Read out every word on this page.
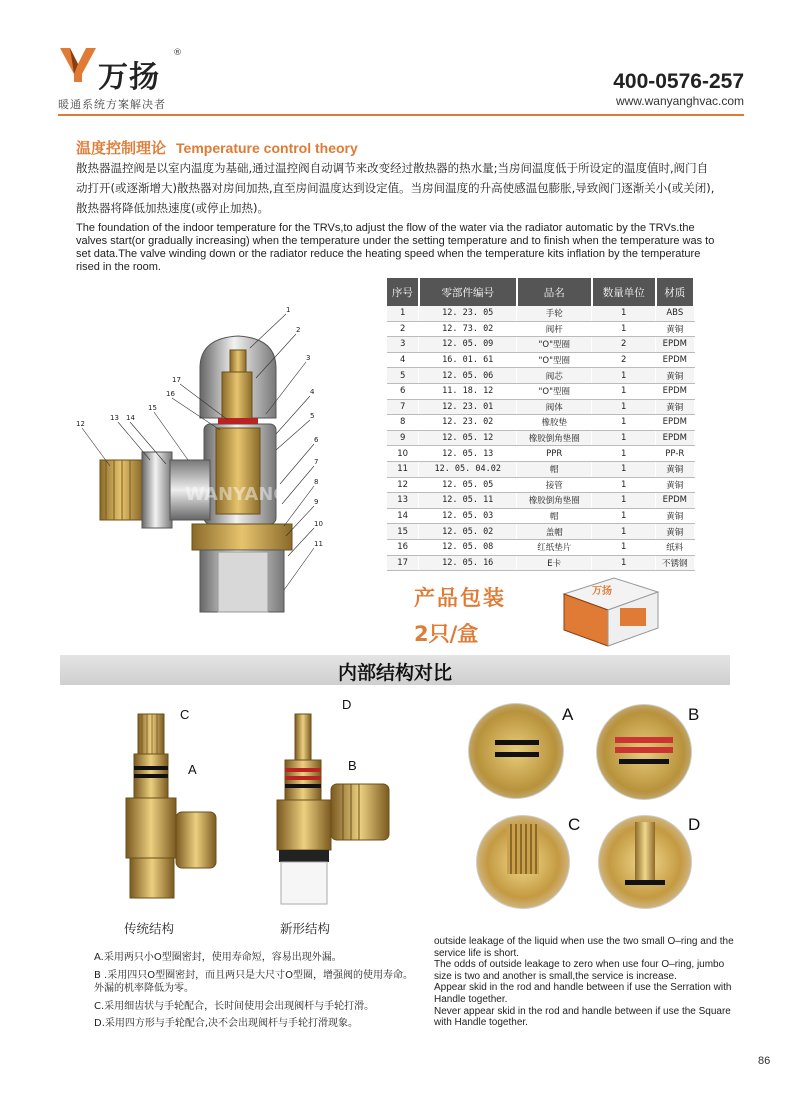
万扬
®
暖通系统方案解决者
400-0576-257
www.wanyanghvac.com
温度控制理论 Temperature control theory
散热器温控阀是以室内温度为基础,通过温控阀自动调节来改变经过散热器的热水量;当房间温度低于所设定的温度值时,阀门自动打开(或逐渐增大)散热器对房间加热,直至房间温度达到设定值。当房间温度的升高使感温包膨胀,导致阀门逐渐关小(或关闭),散热器将降低加热速度(或停止加热)。
The foundation of the indoor temperature for the TRVs,to adjust the flow of the water via the radiator automatic by the TRVs.the valves start(or gradually increasing) when the temperature under the setting temperature and to finish when the temperature was to set data.The valve winding down or the radiator reduce the heating speed when the temperature kits inflation by the temperature rised in the room.
WANYANG
1
2
3
4
5
6
7
8
9
10
11
12
13 14
15
16
17
序号	零部件编号	品名	数量单位	材质
1	12. 23. 05	手轮	1	ABS
2	12. 73. 02	阀杆	1	黄铜
3	12. 05. 09	"O"型圈	2	EPDM
4	16. 01. 61	"O"型圈	2	EPDM
5	12. 05. 06	阀芯	1	黄铜
6	11. 18. 12	"O"型圈	1	EPDM
7	12. 23. 01	阀体	1	黄铜
8	12. 23. 02	橡胶垫	1	EPDM
9	12. 05. 12	橡胶倒角垫圈	1	EPDM
10	12. 05. 13	PPR	1	PP-R
11	12. 05. 04.02	帽	1	黄铜
12	12. 05. 05	接管	1	黄铜
13	12. 05. 11	橡胶倒角垫圈	1	EPDM
14	12. 05. 03	帽	1	黄铜
15	12. 05. 02	盖帽	1	黄铜
16	12. 05. 08	红纸垫片	1	纸料
17	12. 05. 16	E卡	1	不锈钢
产品包装
2只/盒
万扬
内部结构对比
C
A
D
B
传统结构	新形结构
A	B
C	D
A.采用两只小O型圈密封，使用寿命短，容易出现外漏。
B .采用四只O型圈密封，而且两只是大尺寸O型圈，增强阀的使用寿命。外漏的机率降低为零。
C.采用细齿状与手轮配合，长时间使用会出现阀杆与手轮打滑。
D.采用四方形与手轮配合,决不会出现阀杆与手轮打滑现象。
outside leakage of the liquid when use the two small O–ring and the service life is short.
The odds of outside leakage to zero when use four O–ring, jumbo size is two and another is small,the service is increase.
Appear skid in the rod and handle between if use the Serration with Handle together.
Never appear skid in the rod and handle between if use the Square with Handle together.
86
